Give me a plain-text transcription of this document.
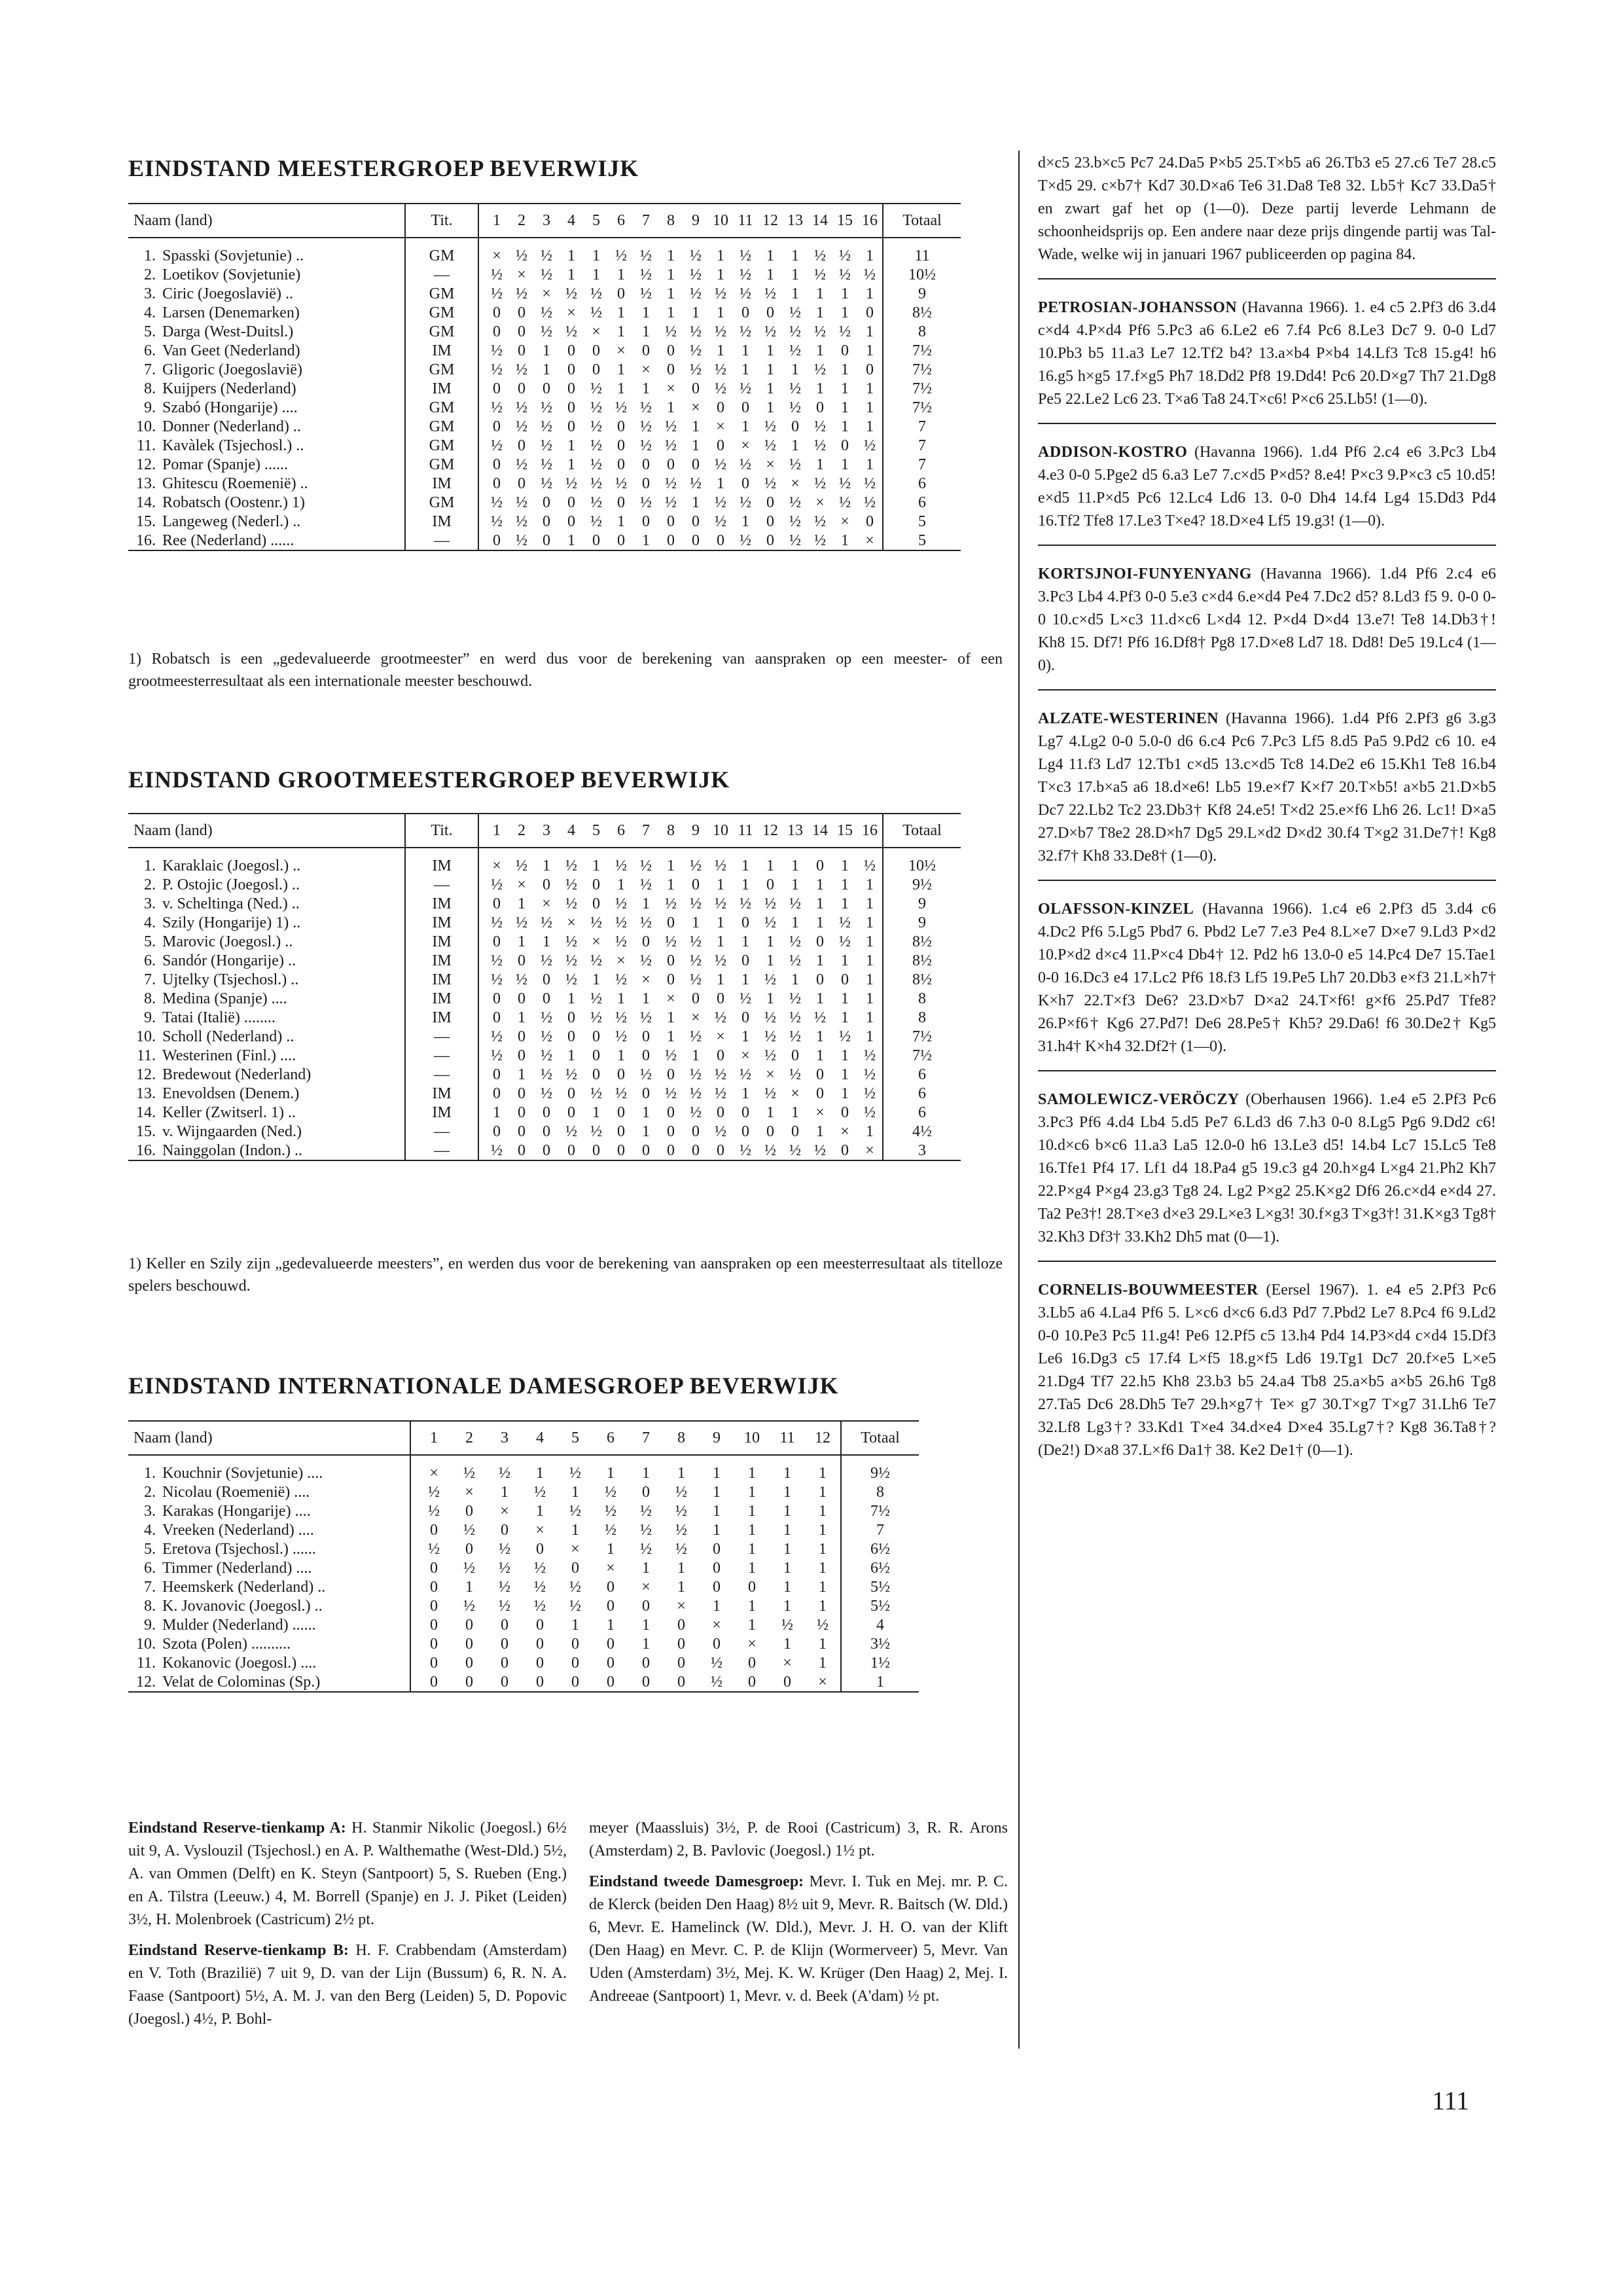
EINDSTAND MEESTERGROEP BEVERWIJK
Naam (land)		Tit.	1	2	3	4	5	6	7	8	9	10	11	12	13	14	15	16	Totaal

1.	Spasski (Sovjetunie) ..	GM	×	½	½	1	1	½	½	1	½	1	½	1	1	½	½	1	11
2.	Loetikov (Sovjetunie)	—	½	×	½	1	1	1	½	1	½	1	½	1	1	½	½	½	10½
3.	Ciric (Joegoslavië) ..	GM	½	½	×	½	½	0	½	1	½	½	½	½	1	1	1	1	9
4.	Larsen (Denemarken)	GM	0	0	½	×	½	1	1	1	1	1	0	0	½	1	1	0	8½
5.	Darga (West-Duitsl.)	GM	0	0	½	½	×	1	1	½	½	½	½	½	½	½	½	1	8
6.	Van Geet (Nederland)	IM	½	0	1	0	0	×	0	0	½	1	1	1	½	1	0	1	7½
7.	Gligoric (Joegoslavië)	GM	½	½	1	0	0	1	×	0	½	½	1	1	1	½	1	0	7½
8.	Kuijpers (Nederland)	IM	0	0	0	0	½	1	1	×	0	½	½	1	½	1	1	1	7½
9.	Szabó (Hongarije) ....	GM	½	½	½	0	½	½	½	1	×	0	0	1	½	0	1	1	7½
10.	Donner (Nederland) ..	GM	0	½	½	0	½	0	½	½	1	×	1	½	0	½	1	1	7
11.	Kavàlek (Tsjechosl.) ..	GM	½	0	½	1	½	0	½	½	1	0	×	½	1	½	0	½	7
12.	Pomar (Spanje) ......	GM	0	½	½	1	½	0	0	0	0	½	½	×	½	1	1	1	7
13.	Ghitescu (Roemenië) ..	IM	0	0	½	½	½	½	0	½	½	1	0	½	×	½	½	½	6
14.	Robatsch (Oostenr.) 1)	GM	½	½	0	0	½	0	½	½	1	½	½	0	½	×	½	½	6
15.	Langeweg (Nederl.) ..	IM	½	½	0	0	½	1	0	0	0	½	1	0	½	½	×	0	5
16.	Ree (Nederland) ......	—	0	½	0	1	0	0	1	0	0	0	½	0	½	½	1	×	5
1) Robatsch is een „gedevalueerde grootmeester” en werd dus voor de berekening van aanspraken op een meester- of een grootmeesterresultaat als een internationale meester beschouwd.
EINDSTAND GROOTMEESTERGROEP BEVERWIJK
Naam (land)		Tit.	1	2	3	4	5	6	7	8	9	10	11	12	13	14	15	16	Totaal

1.	Karaklaic (Joegosl.) ..	IM	×	½	1	½	1	½	½	1	½	½	1	1	1	0	1	½	10½
2.	P. Ostojic (Joegosl.) ..	—	½	×	0	½	0	1	½	1	0	1	1	0	1	1	1	1	9½
3.	v. Scheltinga (Ned.) ..	IM	0	1	×	½	0	½	1	½	½	½	½	½	½	1	1	1	9
4.	Szily (Hongarije) 1) ..	IM	½	½	½	×	½	½	½	0	1	1	0	½	1	1	½	1	9
5.	Marovic (Joegosl.) ..	IM	0	1	1	½	×	½	0	½	½	1	1	1	½	0	½	1	8½
6.	Sandór (Hongarije) ..	IM	½	0	½	½	½	×	½	0	½	½	0	1	½	1	1	1	8½
7.	Ujtelky (Tsjechosl.) ..	IM	½	½	0	½	1	½	×	0	½	1	1	½	1	0	0	1	8½
8.	Medina (Spanje) ....	IM	0	0	0	1	½	1	1	×	0	0	½	1	½	1	1	1	8
9.	Tatai (Italië) ........	IM	0	1	½	0	½	½	½	1	×	½	0	½	½	½	1	1	8
10.	Scholl (Nederland) ..	—	½	0	½	0	0	½	0	1	½	×	1	½	½	1	½	1	7½
11.	Westerinen (Finl.) ....	—	½	0	½	1	0	1	0	½	1	0	×	½	0	1	1	½	7½
12.	Bredewout (Nederland)	—	0	1	½	½	0	0	½	0	½	½	½	×	½	0	1	½	6
13.	Enevoldsen (Denem.)	IM	0	0	½	0	½	½	0	½	½	½	1	½	×	0	1	½	6
14.	Keller (Zwitserl. 1) ..	IM	1	0	0	0	1	0	1	0	½	0	0	1	1	×	0	½	6
15.	v. Wijngaarden (Ned.)	—	0	0	0	½	½	0	1	0	0	½	0	0	0	1	×	1	4½
16.	Nainggolan (Indon.) ..	—	½	0	0	0	0	0	0	0	0	0	½	½	½	½	0	×	3
1) Keller en Szily zijn „gedevalueerde meesters”, en werden dus voor de berekening van aanspraken op een meesterresultaat als titelloze spelers beschouwd.
EINDSTAND INTERNATIONALE DAMESGROEP BEVERWIJK
Naam (land)		1	2	3	4	5	6	7	8	9	10	11	12	Totaal

1.	Kouchnir (Sovjetunie) ....	×	½	½	1	½	1	1	1	1	1	1	1	9½
2.	Nicolau (Roemenië) ....	½	×	1	½	1	½	0	½	1	1	1	1	8
3.	Karakas (Hongarije) ....	½	0	×	1	½	½	½	½	1	1	1	1	7½
4.	Vreeken (Nederland) ....	0	½	0	×	1	½	½	½	1	1	1	1	7
5.	Eretova (Tsjechosl.) ......	½	0	½	0	×	1	½	½	0	1	1	1	6½
6.	Timmer (Nederland) ....	0	½	½	½	0	×	1	1	0	1	1	1	6½
7.	Heemskerk (Nederland) ..	0	1	½	½	½	0	×	1	0	0	1	1	5½
8.	K. Jovanovic (Joegosl.) ..	0	½	½	½	½	0	0	×	1	1	1	1	5½
9.	Mulder (Nederland) ......	0	0	0	0	1	1	1	0	×	1	½	½	4
10.	Szota (Polen) ..........	0	0	0	0	0	0	1	0	0	×	1	1	3½
11.	Kokanovic (Joegosl.) ....	0	0	0	0	0	0	0	0	½	0	×	1	1½
12.	Velat de Colominas (Sp.)	0	0	0	0	0	0	0	0	½	0	0	×	1
Eindstand Reserve-tienkamp A: H. Stanmir Nikolic (Joegosl.) 6½ uit 9, A. Vyslouzil (Tsjechosl.) en A. P. Walthemathe (West-Dld.) 5½, A. van Ommen (Delft) en K. Steyn (Santpoort) 5, S. Rueben (Eng.) en A. Tilstra (Leeuw.) 4, M. Borrell (Spanje) en J. J. Piket (Leiden) 3½, H. Molenbroek (Castricum) 2½ pt.
Eindstand Reserve-tienkamp B: H. F. Crabbendam (Amsterdam) en V. Toth (Brazilië) 7 uit 9, D. van der Lijn (Bussum) 6, R. N. A. Faase (Santpoort) 5½, A. M. J. van den Berg (Leiden) 5, D. Popovic (Joegosl.) 4½, P. Bohl-
meyer (Maassluis) 3½, P. de Rooi (Castricum) 3, R. R. Arons (Amsterdam) 2, B. Pavlovic (Joegosl.) 1½ pt.
Eindstand tweede Damesgroep: Mevr. I. Tuk en Mej. mr. P. C. de Klerck (beiden Den Haag) 8½ uit 9, Mevr. R. Baitsch (W. Dld.) 6, Mevr. E. Hamelinck (W. Dld.), Mevr. J. H. O. van der Klift (Den Haag) en Mevr. C. P. de Klijn (Wormerveer) 5, Mevr. Van Uden (Amsterdam) 3½, Mej. K. W. Krüger (Den Haag) 2, Mej. I. Andreeae (Santpoort) 1, Mevr. v. d. Beek (A'dam) ½ pt.
d×c5 23.b×c5 Pc7 24.Da5 P×b5 25.T×b5 a6 26.Tb3 e5 27.c6 Te7 28.c5 T×d5 29. c×b7† Kd7 30.D×a6 Te6 31.Da8 Te8 32. Lb5† Kc7 33.Da5† en zwart gaf het op (1—0). Deze partij leverde Lehmann de schoonheidsprijs op. Een andere naar deze prijs dingende partij was Tal-Wade, welke wij in januari 1967 publiceerden op pagina 84.
PETROSIAN-JOHANSSON (Havanna 1966). 1. e4 c5 2.Pf3 d6 3.d4 c×d4 4.P×d4 Pf6 5.Pc3 a6 6.Le2 e6 7.f4 Pc6 8.Le3 Dc7 9. 0-0 Ld7 10.Pb3 b5 11.a3 Le7 12.Tf2 b4? 13.a×b4 P×b4 14.Lf3 Tc8 15.g4! h6 16.g5 h×g5 17.f×g5 Ph7 18.Dd2 Pf8 19.Dd4! Pc6 20.D×g7 Th7 21.Dg8 Pe5 22.Le2 Lc6 23. T×a6 Ta8 24.T×c6! P×c6 25.Lb5! (1—0).
ADDISON-KOSTRO (Havanna 1966). 1.d4 Pf6 2.c4 e6 3.Pc3 Lb4 4.e3 0-0 5.Pge2 d5 6.a3 Le7 7.c×d5 P×d5? 8.e4! P×c3 9.P×c3 c5 10.d5! e×d5 11.P×d5 Pc6 12.Lc4 Ld6 13. 0-0 Dh4 14.f4 Lg4 15.Dd3 Pd4 16.Tf2 Tfe8 17.Le3 T×e4? 18.D×e4 Lf5 19.g3! (1—0).
KORTSJNOI-FUNYENYANG (Havanna 1966). 1.d4 Pf6 2.c4 e6 3.Pc3 Lb4 4.Pf3 0-0 5.e3 c×d4 6.e×d4 Pe4 7.Dc2 d5? 8.Ld3 f5 9. 0-0 0-0 10.c×d5 L×c3 11.d×c6 L×d4 12. P×d4 D×d4 13.e7! Te8 14.Db3†! Kh8 15. Df7! Pf6 16.Df8† Pg8 17.D×e8 Ld7 18. Dd8! De5 19.Lc4 (1—0).
ALZATE-WESTERINEN (Havanna 1966). 1.d4 Pf6 2.Pf3 g6 3.g3 Lg7 4.Lg2 0-0 5.0-0 d6 6.c4 Pc6 7.Pc3 Lf5 8.d5 Pa5 9.Pd2 c6 10. e4 Lg4 11.f3 Ld7 12.Tb1 c×d5 13.c×d5 Tc8 14.De2 e6 15.Kh1 Te8 16.b4 T×c3 17.b×a5 a6 18.d×e6! Lb5 19.e×f7 K×f7 20.T×b5! a×b5 21.D×b5 Dc7 22.Lb2 Tc2 23.Db3† Kf8 24.e5! T×d2 25.e×f6 Lh6 26. Lc1! D×a5 27.D×b7 T8e2 28.D×h7 Dg5 29.L×d2 D×d2 30.f4 T×g2 31.De7†! Kg8 32.f7† Kh8 33.De8† (1—0).
OLAFSSON-KINZEL (Havanna 1966). 1.c4 e6 2.Pf3 d5 3.d4 c6 4.Dc2 Pf6 5.Lg5 Pbd7 6. Pbd2 Le7 7.e3 Pe4 8.L×e7 D×e7 9.Ld3 P×d2 10.P×d2 d×c4 11.P×c4 Db4† 12. Pd2 h6 13.0-0 e5 14.Pc4 De7 15.Tae1 0-0 16.Dc3 e4 17.Lc2 Pf6 18.f3 Lf5 19.Pe5 Lh7 20.Db3 e×f3 21.L×h7† K×h7 22.T×f3 De6? 23.D×b7 D×a2 24.T×f6! g×f6 25.Pd7 Tfe8? 26.P×f6† Kg6 27.Pd7! De6 28.Pe5† Kh5? 29.Da6! f6 30.De2† Kg5 31.h4† K×h4 32.Df2† (1—0).
SAMOLEWICZ-VERÖCZY (Oberhausen 1966). 1.e4 e5 2.Pf3 Pc6 3.Pc3 Pf6 4.d4 Lb4 5.d5 Pe7 6.Ld3 d6 7.h3 0-0 8.Lg5 Pg6 9.Dd2 c6! 10.d×c6 b×c6 11.a3 La5 12.0-0 h6 13.Le3 d5! 14.b4 Lc7 15.Lc5 Te8 16.Tfe1 Pf4 17. Lf1 d4 18.Pa4 g5 19.c3 g4 20.h×g4 L×g4 21.Ph2 Kh7 22.P×g4 P×g4 23.g3 Tg8 24. Lg2 P×g2 25.K×g2 Df6 26.c×d4 e×d4 27. Ta2 Pe3†! 28.T×e3 d×e3 29.L×e3 L×g3! 30.f×g3 T×g3†! 31.K×g3 Tg8† 32.Kh3 Df3† 33.Kh2 Dh5 mat (0—1).
CORNELIS-BOUWMEESTER (Eersel 1967). 1. e4 e5 2.Pf3 Pc6 3.Lb5 a6 4.La4 Pf6 5. L×c6 d×c6 6.d3 Pd7 7.Pbd2 Le7 8.Pc4 f6 9.Ld2 0-0 10.Pe3 Pc5 11.g4! Pe6 12.Pf5 c5 13.h4 Pd4 14.P3×d4 c×d4 15.Df3 Le6 16.Dg3 c5 17.f4 L×f5 18.g×f5 Ld6 19.Tg1 Dc7 20.f×e5 L×e5 21.Dg4 Tf7 22.h5 Kh8 23.b3 b5 24.a4 Tb8 25.a×b5 a×b5 26.h6 Tg8 27.Ta5 Dc6 28.Dh5 Te7 29.h×g7† Te× g7 30.T×g7 T×g7 31.Lh6 Te7 32.Lf8 Lg3†? 33.Kd1 T×e4 34.d×e4 D×e4 35.Lg7†? Kg8 36.Ta8†? (De2!) D×a8 37.L×f6 Da1† 38. Ke2 De1† (0—1).
111
